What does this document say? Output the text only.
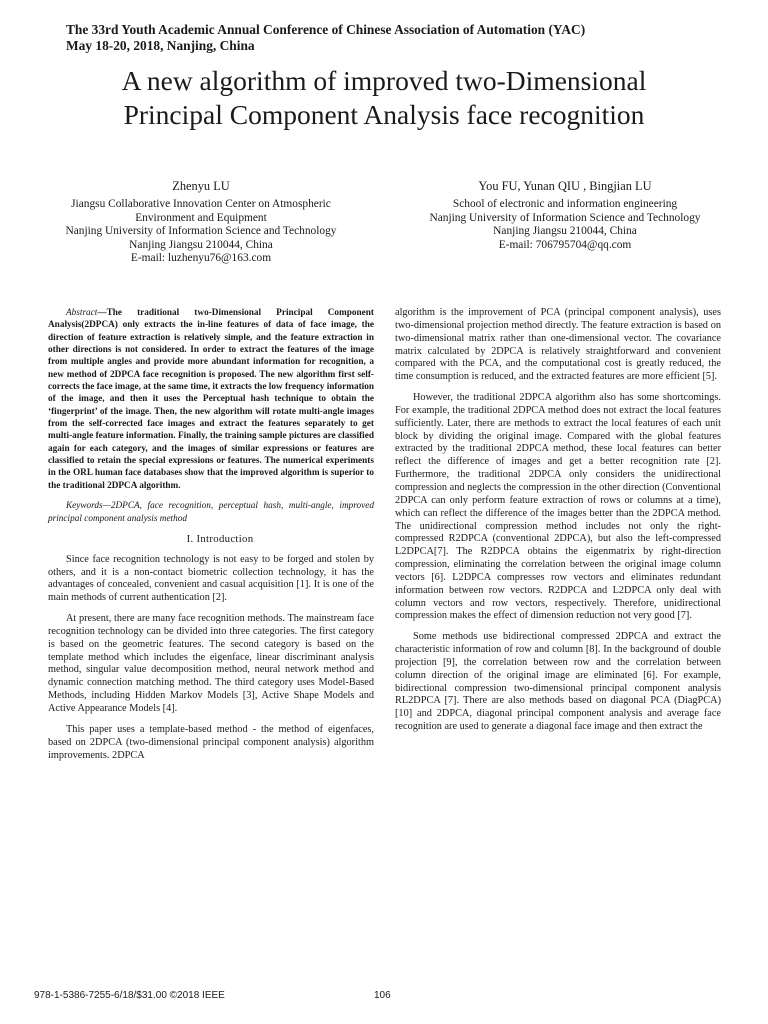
The 33rd Youth Academic Annual Conference of Chinese Association of Automation (YAC)
May 18-20, 2018, Nanjing, China
A new algorithm of improved two-Dimensional
Principal Component Analysis face recognition
Zhenyu LU
Jiangsu Collaborative Innovation Center on Atmospheric
Environment and Equipment
Nanjing University of Information Science and Technology
Nanjing Jiangsu 210044, China
E-mail: luzhenyu76@163.com
You FU, Yunan QIU , Bingjian LU
School of electronic and information engineering
Nanjing University of Information Science and Technology
Nanjing Jiangsu 210044, China
E-mail: 706795704@qq.com

Abstract—The traditional two-Dimensional Principal Component Analysis(2DPCA) only extracts the in-line features of data of face image, the direction of feature extraction is relatively simple, and the feature extraction in other directions is not considered. In order to extract the features of the image from multiple angles and provide more abundant information for recognition, a new method of 2DPCA face recognition is proposed. The new algorithm first self-corrects the face image, at the same time, it extracts the low frequency information of the image, and then it uses the Perceptual hash technique to obtain the ‘fingerprint’ of the image. Then, the new algorithm will rotate multi-angle images from the self-corrected face images and extract the features separately to get multi-angle feature information. Finally, the training sample pictures are classified again for each category, and the images of similar expressions or features are classified to retain the special expressions or features. The numerical experiments in the ORL human face databases show that the improved algorithm is superior to the traditional 2DPCA algorithm.

Keywords—2DPCA, face recognition, perceptual hash, multi-angle, improved principal component analysis method

I. Introduction

Since face recognition technology is not easy to be forged and stolen by others, and it is a non-contact biometric collection technology, it has the advantages of concealed, convenient and casual acquisition [1]. It is one of the main methods of current authentication [2].

At present, there are many face recognition methods. The mainstream face recognition technology can be divided into three categories. The first category is based on the geometric features. The second category is based on the template method which includes the eigenface, linear discriminant analysis method, singular value decomposition method, neural network method and dynamic connection matching method. The third category uses Model-Based Methods, including Hidden Markov Models [3], Active Shape Models and Active Appearance Models [4].

This paper uses a template-based method - the method of eigenfaces, based on 2DPCA (two-dimensional principal component analysis) algorithm improvements. 2DPCA

algorithm is the improvement of PCA (principal component analysis), uses two-dimensional projection method directly. The feature extraction is based on two-dimensional matrix rather than one-dimensional vector. The covariance matrix calculated by 2DPCA is relatively straightforward and convenient compared with the PCA, and the computational cost is greatly reduced, the time consumption is reduced, and the extracted features are more efficient [5].

However, the traditional 2DPCA algorithm also has some shortcomings. For example, the traditional 2DPCA method does not extract the local features sufficiently. Later, there are methods to extract the local features of each unit block by dividing the original image. Compared with the global features extracted by the traditional 2DPCA method, these local features can better reflect the difference of images and get a better recognition rate [2]. Furthermore, the traditional 2DPCA only considers the unidirectional compression and neglects the compression in the other direction (Conventional 2DPCA can only perform feature extraction of rows or columns at a time), which can reflect the difference of the images better than the 2DPCA method. The unidirectional compression method includes not only the right-compressed R2DPCA (conventional 2DPCA), but also the left-compressed L2DPCA[7]. The R2DPCA obtains the eigenmatrix by right-direction compression, eliminating the correlation between the original image column vectors [6]. L2DPCA compresses row vectors and eliminates redundant information between row vectors. R2DPCA and L2DPCA only deal with column vectors and row vectors, respectively. Therefore, unidirectional compression makes the effect of dimension reduction not very good [7].

Some methods use bidirectional compressed 2DPCA and extract the characteristic information of row and column [8]. In the background of double projection [9], the correlation between row and the correlation between column direction of the original image are eliminated [6]. For example, bidirectional compression two-dimensional principal component analysis RL2DPCA [7]. There are also methods based on diagonal PCA (DiagPCA) [10] and 2DPCA, diagonal principal component analysis and average face recognition are used to generate a diagonal face image and then extract the

978-1-5386-7255-6/18/$31.00 ©2018 IEEE	106
